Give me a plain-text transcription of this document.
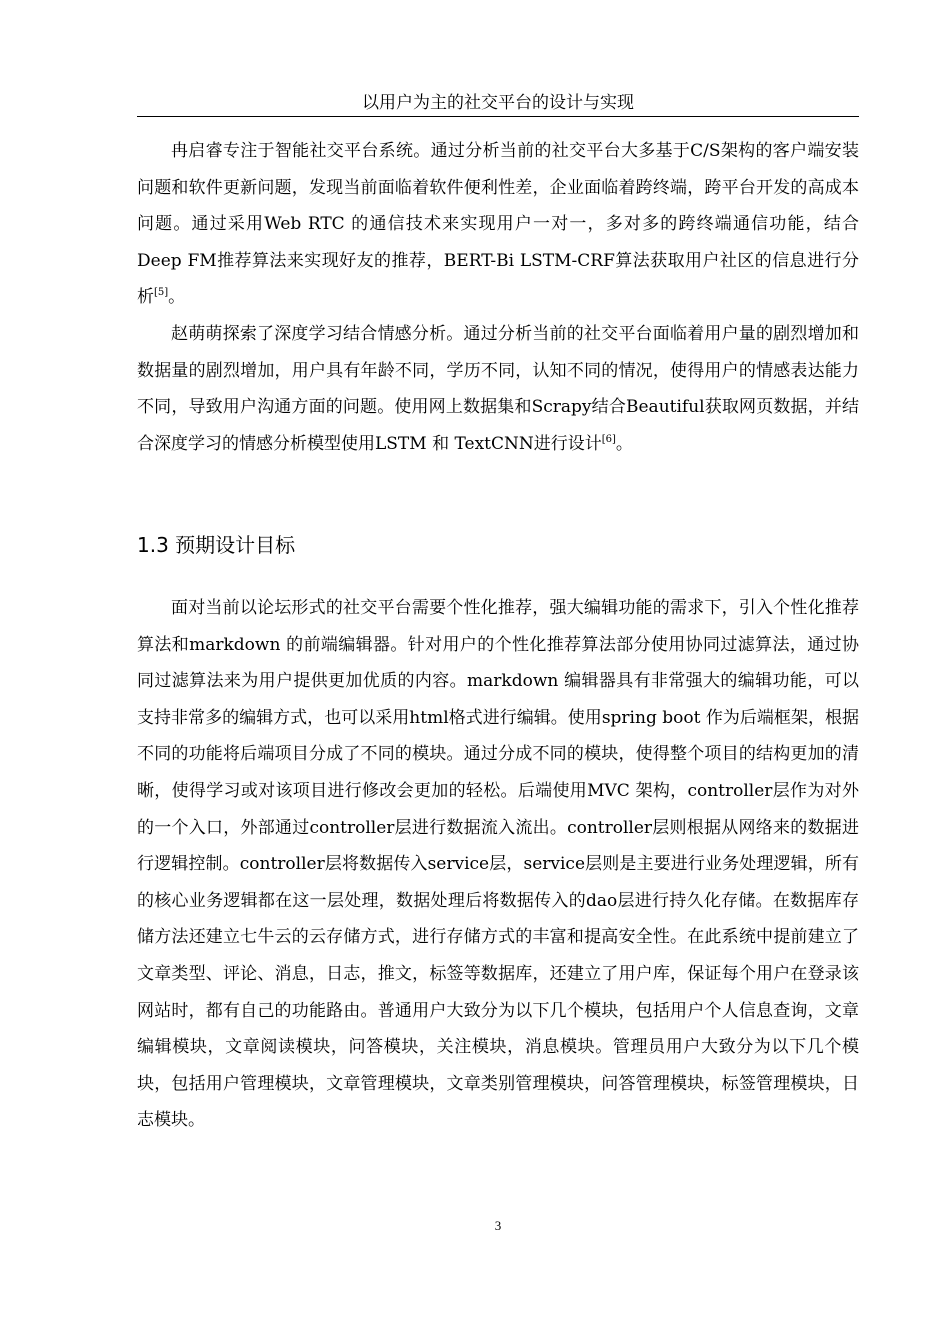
以用户为主的社交平台的设计与实现

冉启睿专注于智能社交平台系统。通过分析当前的社交平台大多基于C/S架构的客户端安装问题和软件更新问题，发现当前面临着软件便利性差，企业面临着跨终端，跨平台开发的高成本问题。通过采用Web RTC 的通信技术来实现用户一对一，多对多的跨终端通信功能，结合Deep FM推荐算法来实现好友的推荐，BERT-Bi LSTM-CRF算法获取用户社区的信息进行分析[5]。

赵萌萌探索了深度学习结合情感分析。通过分析当前的社交平台面临着用户量的剧烈增加和数据量的剧烈增加，用户具有年龄不同，学历不同，认知不同的情况，使得用户的情感表达能力不同，导致用户沟通方面的问题。使用网上数据集和Scrapy结合Beautiful获取网页数据，并结合深度学习的情感分析模型使用LSTM 和 TextCNN进行设计[6]。

1.3 预期设计目标

面对当前以论坛形式的社交平台需要个性化推荐，强大编辑功能的需求下，引入个性化推荐算法和markdown 的前端编辑器。针对用户的个性化推荐算法部分使用协同过滤算法，通过协同过滤算法来为用户提供更加优质的内容。markdown 编辑器具有非常强大的编辑功能，可以支持非常多的编辑方式，也可以采用html格式进行编辑。使用spring boot 作为后端框架，根据不同的功能将后端项目分成了不同的模块。通过分成不同的模块，使得整个项目的结构更加的清晰，使得学习或对该项目进行修改会更加的轻松。后端使用MVC 架构，controller层作为对外的一个入口，外部通过controller层进行数据流入流出。controller层则根据从网络来的数据进行逻辑控制。controller层将数据传入service层，service层则是主要进行业务处理逻辑，所有的核心业务逻辑都在这一层处理，数据处理后将数据传入的dao层进行持久化存储。在数据库存储方法还建立七牛云的云存储方式，进行存储方式的丰富和提高安全性。在此系统中提前建立了文章类型、评论、消息，日志，推文，标签等数据库，还建立了用户库，保证每个用户在登录该网站时，都有自己的功能路由。普通用户大致分为以下几个模块，包括用户个人信息查询，文章编辑模块，文章阅读模块，问答模块，关注模块，消息模块。管理员用户大致分为以下几个模块，包括用户管理模块，文章管理模块，文章类别管理模块，问答管理模块，标签管理模块，日志模块。

3
